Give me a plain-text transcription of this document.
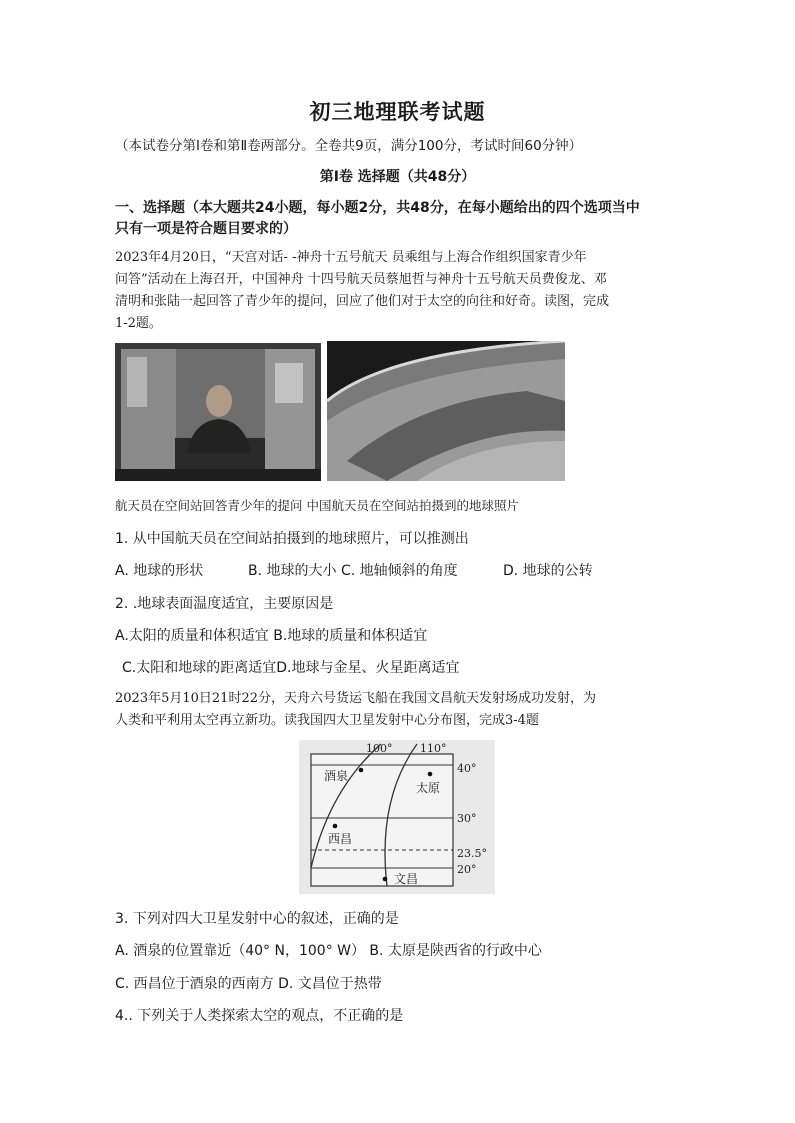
初三地理联考试题
（本试卷分第Ⅰ卷和第Ⅱ卷两部分。全卷共9页，满分100分，考试时间60分钟）
第Ⅰ卷 选择题（共48分）
一、选择题（本大题共24小题，每小题2分，共48分，在每小题给出的四个选项当中
只有一项是符合题目要求的）
2023年4月20日，“天宫对话- -神舟十五号航天 员乘组与上海合作组织国家青少年
问答”活动在上海召开，中国神舟 十四号航天员蔡旭哲与神舟十五号航天员费俊龙、邓
清明和张陆一起回答了青少年的提问，回应了他们对于太空的向往和好奇。读图，完成
1-2题。
航天员在空间站回答青少年的提问 中国航天员在空间站拍摄到的地球照片
1. 从中国航天员在空间站拍摄到的地球照片，可以推测出
A. 地球的形状	B. 地球的大小 C. 地轴倾斜的角度	D. 地球的公转
2. .地球表面温度适宜，主要原因是
A.太阳的质量和体积适宜 B.地球的质量和体积适宜
C.太阳和地球的距离适宜D.地球与金星、火星距离适宜
2023年5月10日21时22分，天舟六号货运飞船在我国文昌航天发射场成功发射，为
人类和平利用太空再立新功。读我国四大卫星发射中心分布图，完成3-4题
100°	110°
40°
30°
23.5°
20°
酒泉
太原
西昌
文昌
3. 下列对四大卫星发射中心的叙述，正确的是
A. 酒泉的位置靠近（40° N，100° W） B. 太原是陕西省的行政中心
C. 西昌位于酒泉的西南方 D. 文昌位于热带
4.. 下列关于人类探索太空的观点，不正确的是
